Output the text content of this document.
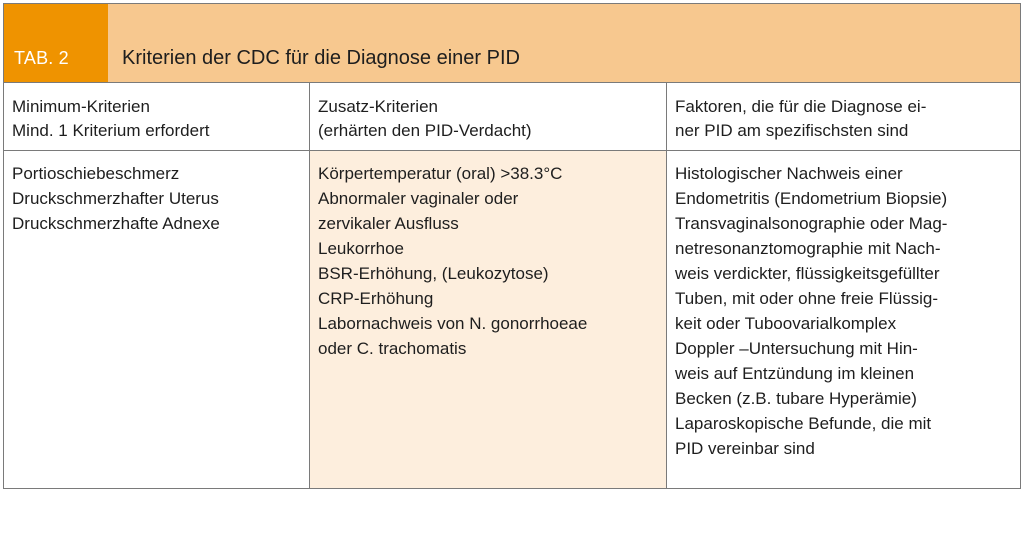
TAB. 2	Kriterien der CDC für die Diagnose einer PID
Minimum-Kriterien
Mind. 1 Kriterium erfordert
Zusatz-Kriterien
(erhärten den PID-Verdacht)
Faktoren, die für die Diagnose ei-
ner PID am spezifischsten sind
Portioschiebeschmerz
Druckschmerzhafter Uterus
Druckschmerzhafte Adnexe
Körpertemperatur (oral) >38.3°C
Abnormaler vaginaler oder
zervikaler Ausfluss
Leukorrhoe
BSR-Erhöhung, (Leukozytose)
CRP-Erhöhung
Labornachweis von N. gonorrhoeae
oder C. trachomatis
Histologischer Nachweis einer
Endometritis (Endometrium Biopsie)
Transvaginalsonographie oder Mag-
netresonanztomographie mit Nach-
weis verdickter, flüssigkeitsgefüllter
Tuben, mit oder ohne freie Flüssig-
keit oder Tuboovarialkomplex
Doppler –Untersuchung mit Hin-
weis auf Entzündung im kleinen
Becken (z.B. tubare Hyperämie)
Laparoskopische Befunde, die mit
PID vereinbar sind
